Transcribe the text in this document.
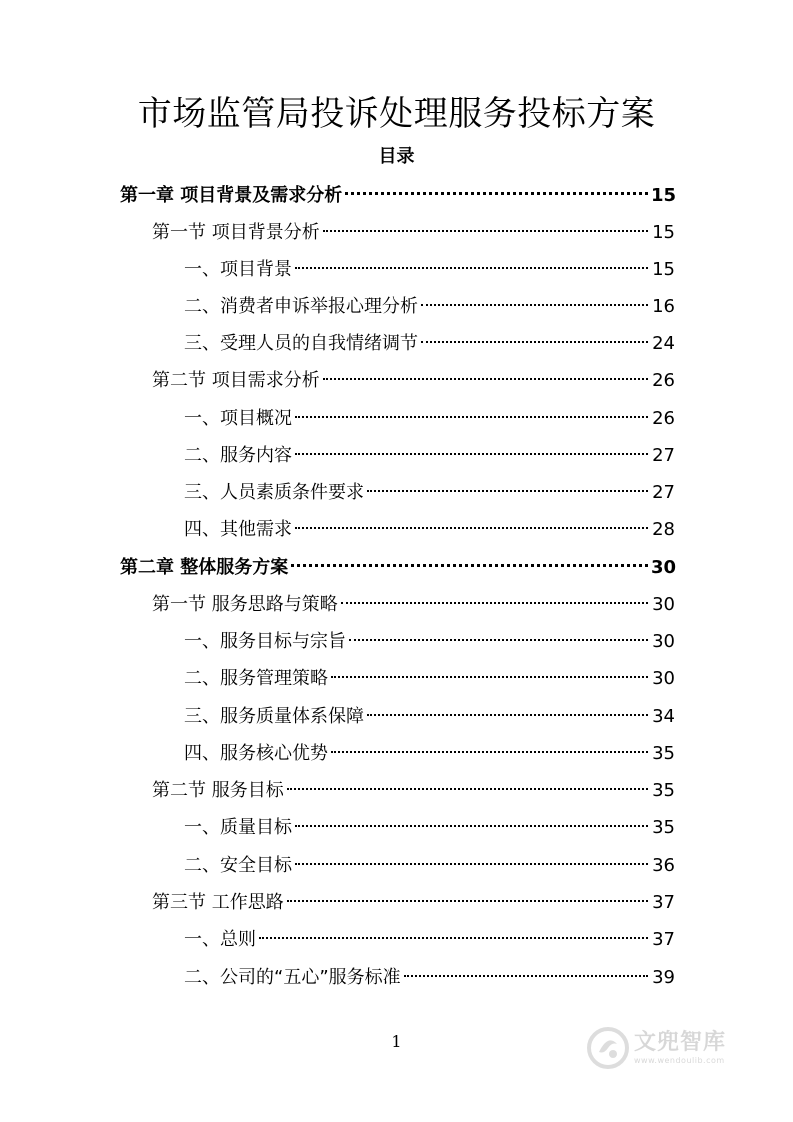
市场监管局投诉处理服务投标方案
目录
第一章 项目背景及需求分析	15
第一节 项目背景分析	15
一、项目背景	15
二、消费者申诉举报心理分析	16
三、受理人员的自我情绪调节	24
第二节 项目需求分析	26
一、项目概况	26
二、服务内容	27
三、人员素质条件要求	27
四、其他需求	28
第二章 整体服务方案	30
第一节 服务思路与策略	30
一、服务目标与宗旨	30
二、服务管理策略	30
三、服务质量体系保障	34
四、服务核心优势	35
第二节 服务目标	35
一、质量目标	35
二、安全目标	36
第三节 工作思路	37
一、总则	37
二、公司的“五心”服务标准	39
1	文兜智库
www.wendoulib.com
